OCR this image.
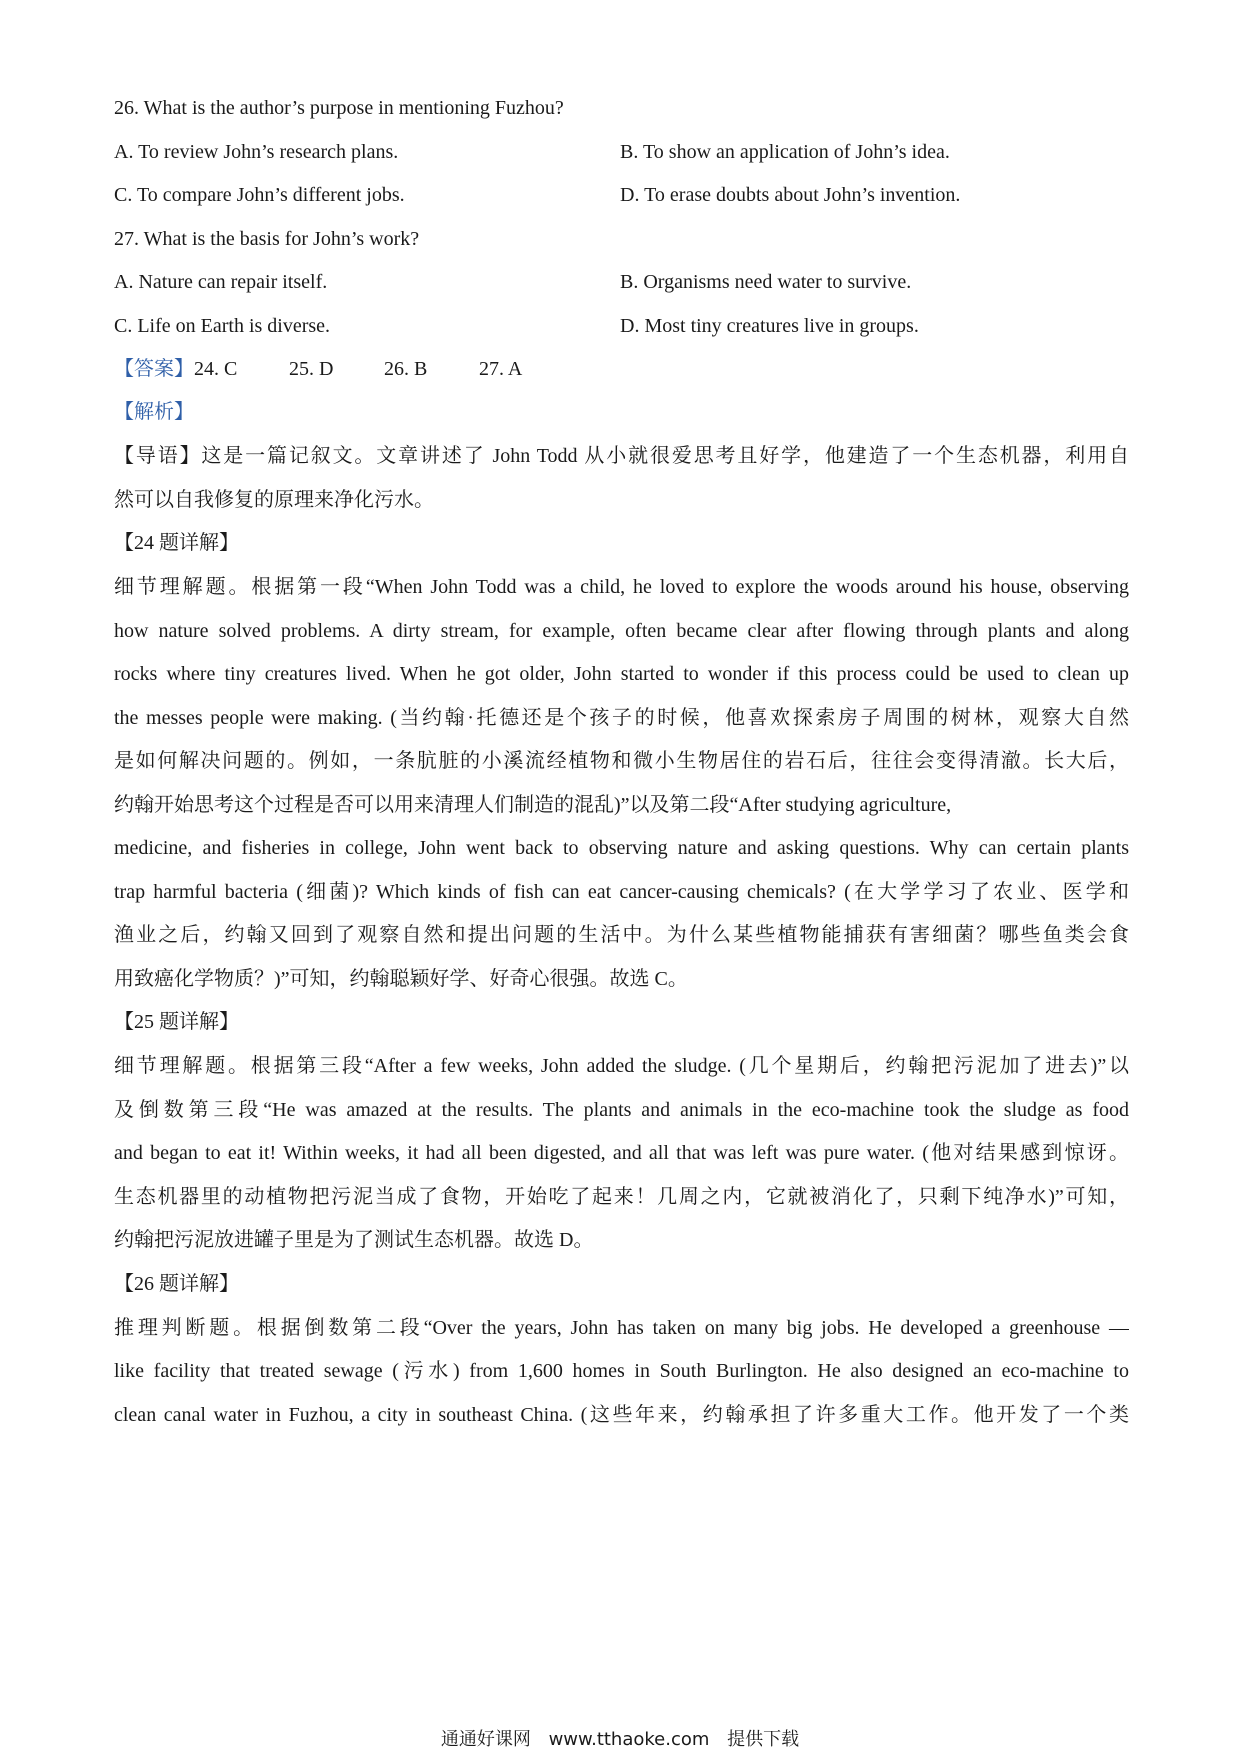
26. What is the author’s purpose in mentioning Fuzhou?
A. To review John’s research plans.	B. To show an application of John’s idea.
C. To compare John’s different jobs.	D. To erase doubts about John’s invention.
27. What is the basis for John’s work?
A. Nature can repair itself.	B. Organisms need water to survive.
C. Life on Earth is diverse.	D. Most tiny creatures live in groups.
【答案】24. C	25. D	26. B	27. A
【解析】
【导语】这是一篇记叙文。文章讲述了 John Todd 从小就很爱思考且好学，他建造了一个生态机器，利用自
然可以自我修复的原理来净化污水。
【24 题详解】
细节理解题。根据第一段“When John Todd was a child, he loved to explore the woods around his house, observing
how nature solved problems. A dirty stream, for example, often became clear after flowing through plants and along
rocks where tiny creatures lived. When he got older, John started to wonder if this process could be used to clean up
the messes people were making. (当约翰·托德还是个孩子的时候，他喜欢探索房子周围的树林，观察大自然
是如何解决问题的。例如，一条肮脏的小溪流经植物和微小生物居住的岩石后，往往会变得清澈。长大后，
约翰开始思考这个过程是否可以用来清理人们制造的混乱)”以及第二段“After studying agriculture,
medicine, and fisheries in college, John went back to observing nature and asking questions. Why can certain plants
trap harmful bacteria (细菌)? Which kinds of fish can eat cancer-causing chemicals? (在大学学习了农业、医学和
渔业之后，约翰又回到了观察自然和提出问题的生活中。为什么某些植物能捕获有害细菌？哪些鱼类会食
用致癌化学物质？)”可知，约翰聪颖好学、好奇心很强。故选 C。
【25 题详解】
细节理解题。根据第三段“After a few weeks, John added the sludge. (几个星期后，约翰把污泥加了进去)”以
及倒数第三段“He was amazed at the results. The plants and animals in the eco-machine took the sludge as food
and began to eat it! Within weeks, it had all been digested, and all that was left was pure water. (他对结果感到惊讶。
生态机器里的动植物把污泥当成了食物，开始吃了起来！几周之内，它就被消化了，只剩下纯净水)”可知，
约翰把污泥放进罐子里是为了测试生态机器。故选 D。
【26 题详解】
推理判断题。根据倒数第二段“Over the years, John has taken on many big jobs. He developed a greenhouse —
like facility that treated sewage (污水) from 1,600 homes in South Burlington. He also designed an eco-machine to
clean canal water in Fuzhou, a city in southeast China. (这些年来，约翰承担了许多重大工作。他开发了一个类
通通好课网 www.tthaoke.com 提供下载
